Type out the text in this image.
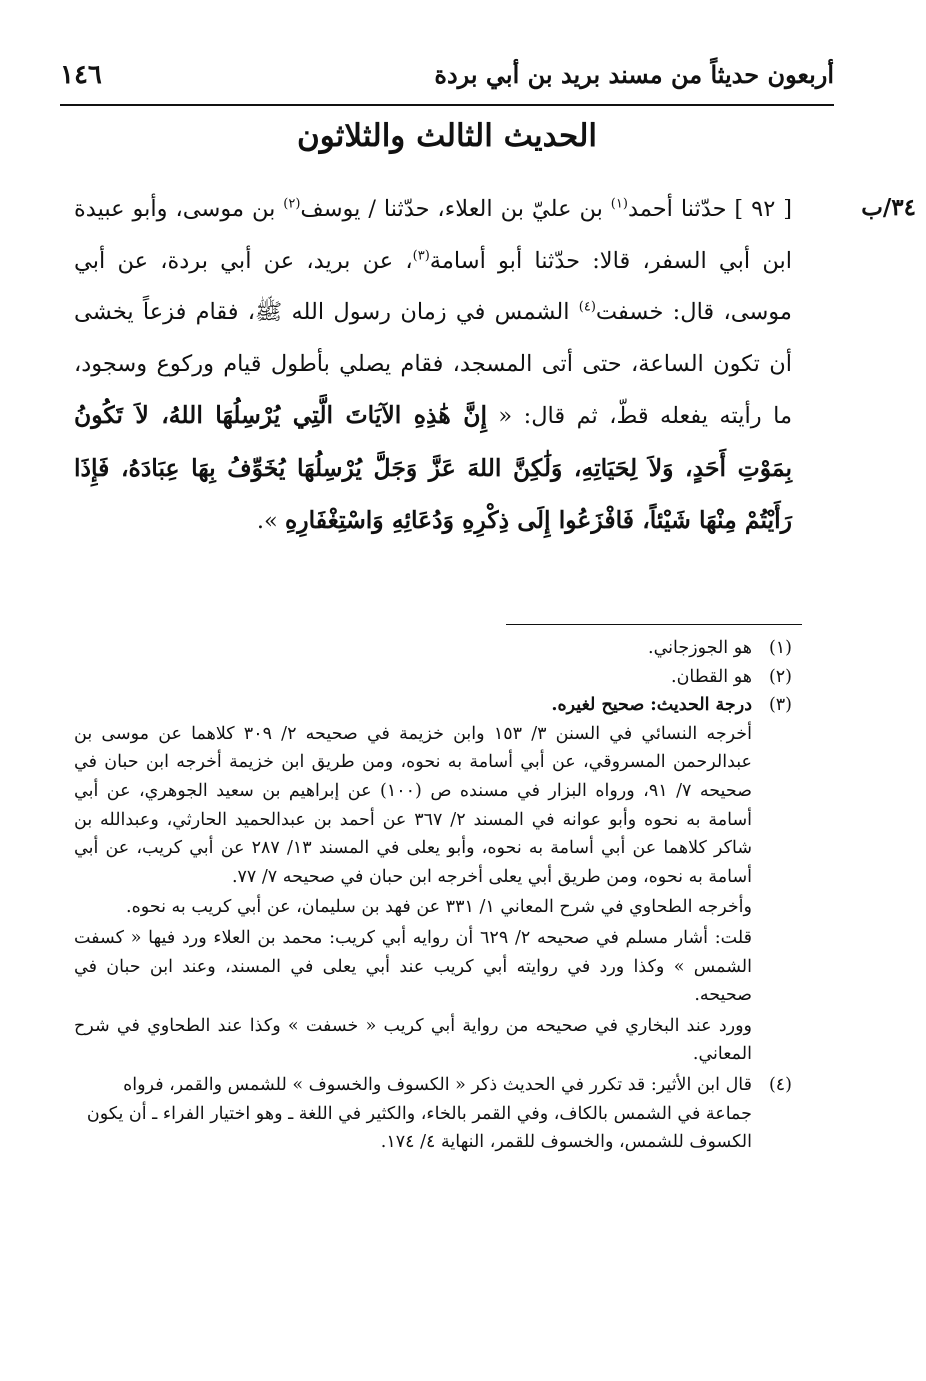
أربعون حديثاً من مسند بريد بن أبي بردة
١٤٦
الحديث الثالث والثلاثون
٣٤/ب

[ ٩٢ ] حدّثنا أحمد$^{(١)}$ بن عليّ بن العلاء، حدّثنا / يوسف$^{(٢)}$ بن موسى، وأبو عبيدة ابن أبي السفر، قالا: حدّثنا أبو أسامة$^{(٣)}$، عن بريد، عن أبي بردة، عن أبي موسى، قال: خسفت$^{(٤)}$ الشمس في زمان رسول الله ﷺ، فقام فزعاً يخشى أن تكون الساعة، حتى أتى المسجد، فقام يصلي بأطول قيام وركوع وسجود، ما رأيته يفعله قطّ، ثم قال: « إِنَّ هَٰذِهِ الآيَاتَ الَّتِي يُرْسِلُهَا اللهُ، لاَ تَكُونُ بِمَوْتِ أَحَدٍ، وَلاَ لِحَيَاتِهِ، وَلَٰكِنَّ اللهَ عَزَّ وَجَلَّ يُرْسِلُهَا يُخَوِّفُ بِهَا عِبَادَهُ، فَإِذَا رَأَيْتُمْ مِنْهَا شَيْئاً، فَافْزَعُوا إِلَى ذِكْرِهِ وَدُعَائِهِ وَاسْتِغْفَارِهِ ».

(١)
هو الجوزجاني.
(٢)
هو القطان.
(٣)
درجة الحديث: صحيح لغيره.
أخرجه النسائي في السنن ٣/ ١٥٣ وابن خزيمة في صحيحه ٢/ ٣٠٩ كلاهما عن موسى بن عبدالرحمن المسروقي، عن أبي أسامة به نحوه، ومن طريق ابن خزيمة أخرجه ابن حبان في صحيحه ٧/ ٩١، ورواه البزار في مسنده ص (١٠٠) عن إبراهيم بن سعيد الجوهري، عن أبي أسامة به نحوه وأبو عوانه في المسند ٢/ ٣٦٧ عن أحمد بن عبدالحميد الحارثي، وعبدالله بن شاكر كلاهما عن أبي أسامة به نحوه، وأبو يعلى في المسند ١٣/ ٢٨٧ عن أبي كريب، عن أبي أسامة به نحوه، ومن طريق أبي يعلى أخرجه ابن حبان في صحيحه ٧/ ٧٧.
وأخرجه الطحاوي في شرح المعاني ١/ ٣٣١ عن فهد بن سليمان، عن أبي كريب به نحوه.
قلت: أشار مسلم في صحيحه ٢/ ٦٢٩ أن روايه أبي كريب: محمد بن العلاء ورد فيها « كسفت الشمس » وكذا ورد في روايته أبي كريب عند أبي يعلى في المسند، وعند ابن حبان في صحيحه.
وورد عند البخاري في صحيحه من رواية أبي كريب « خسفت » وكذا عند الطحاوي في شرح المعاني.
(٤)
قال ابن الأثير: قد تكرر في الحديث ذكر « الكسوف والخسوف » للشمس والقمر، فرواه جماعة في الشمس بالكاف، وفي القمر بالخاء، والكثير في اللغة ـ وهو اختيار الفراء ـ أن يكون الكسوف للشمس، والخسوف للقمر، النهاية ٤/ ١٧٤.
